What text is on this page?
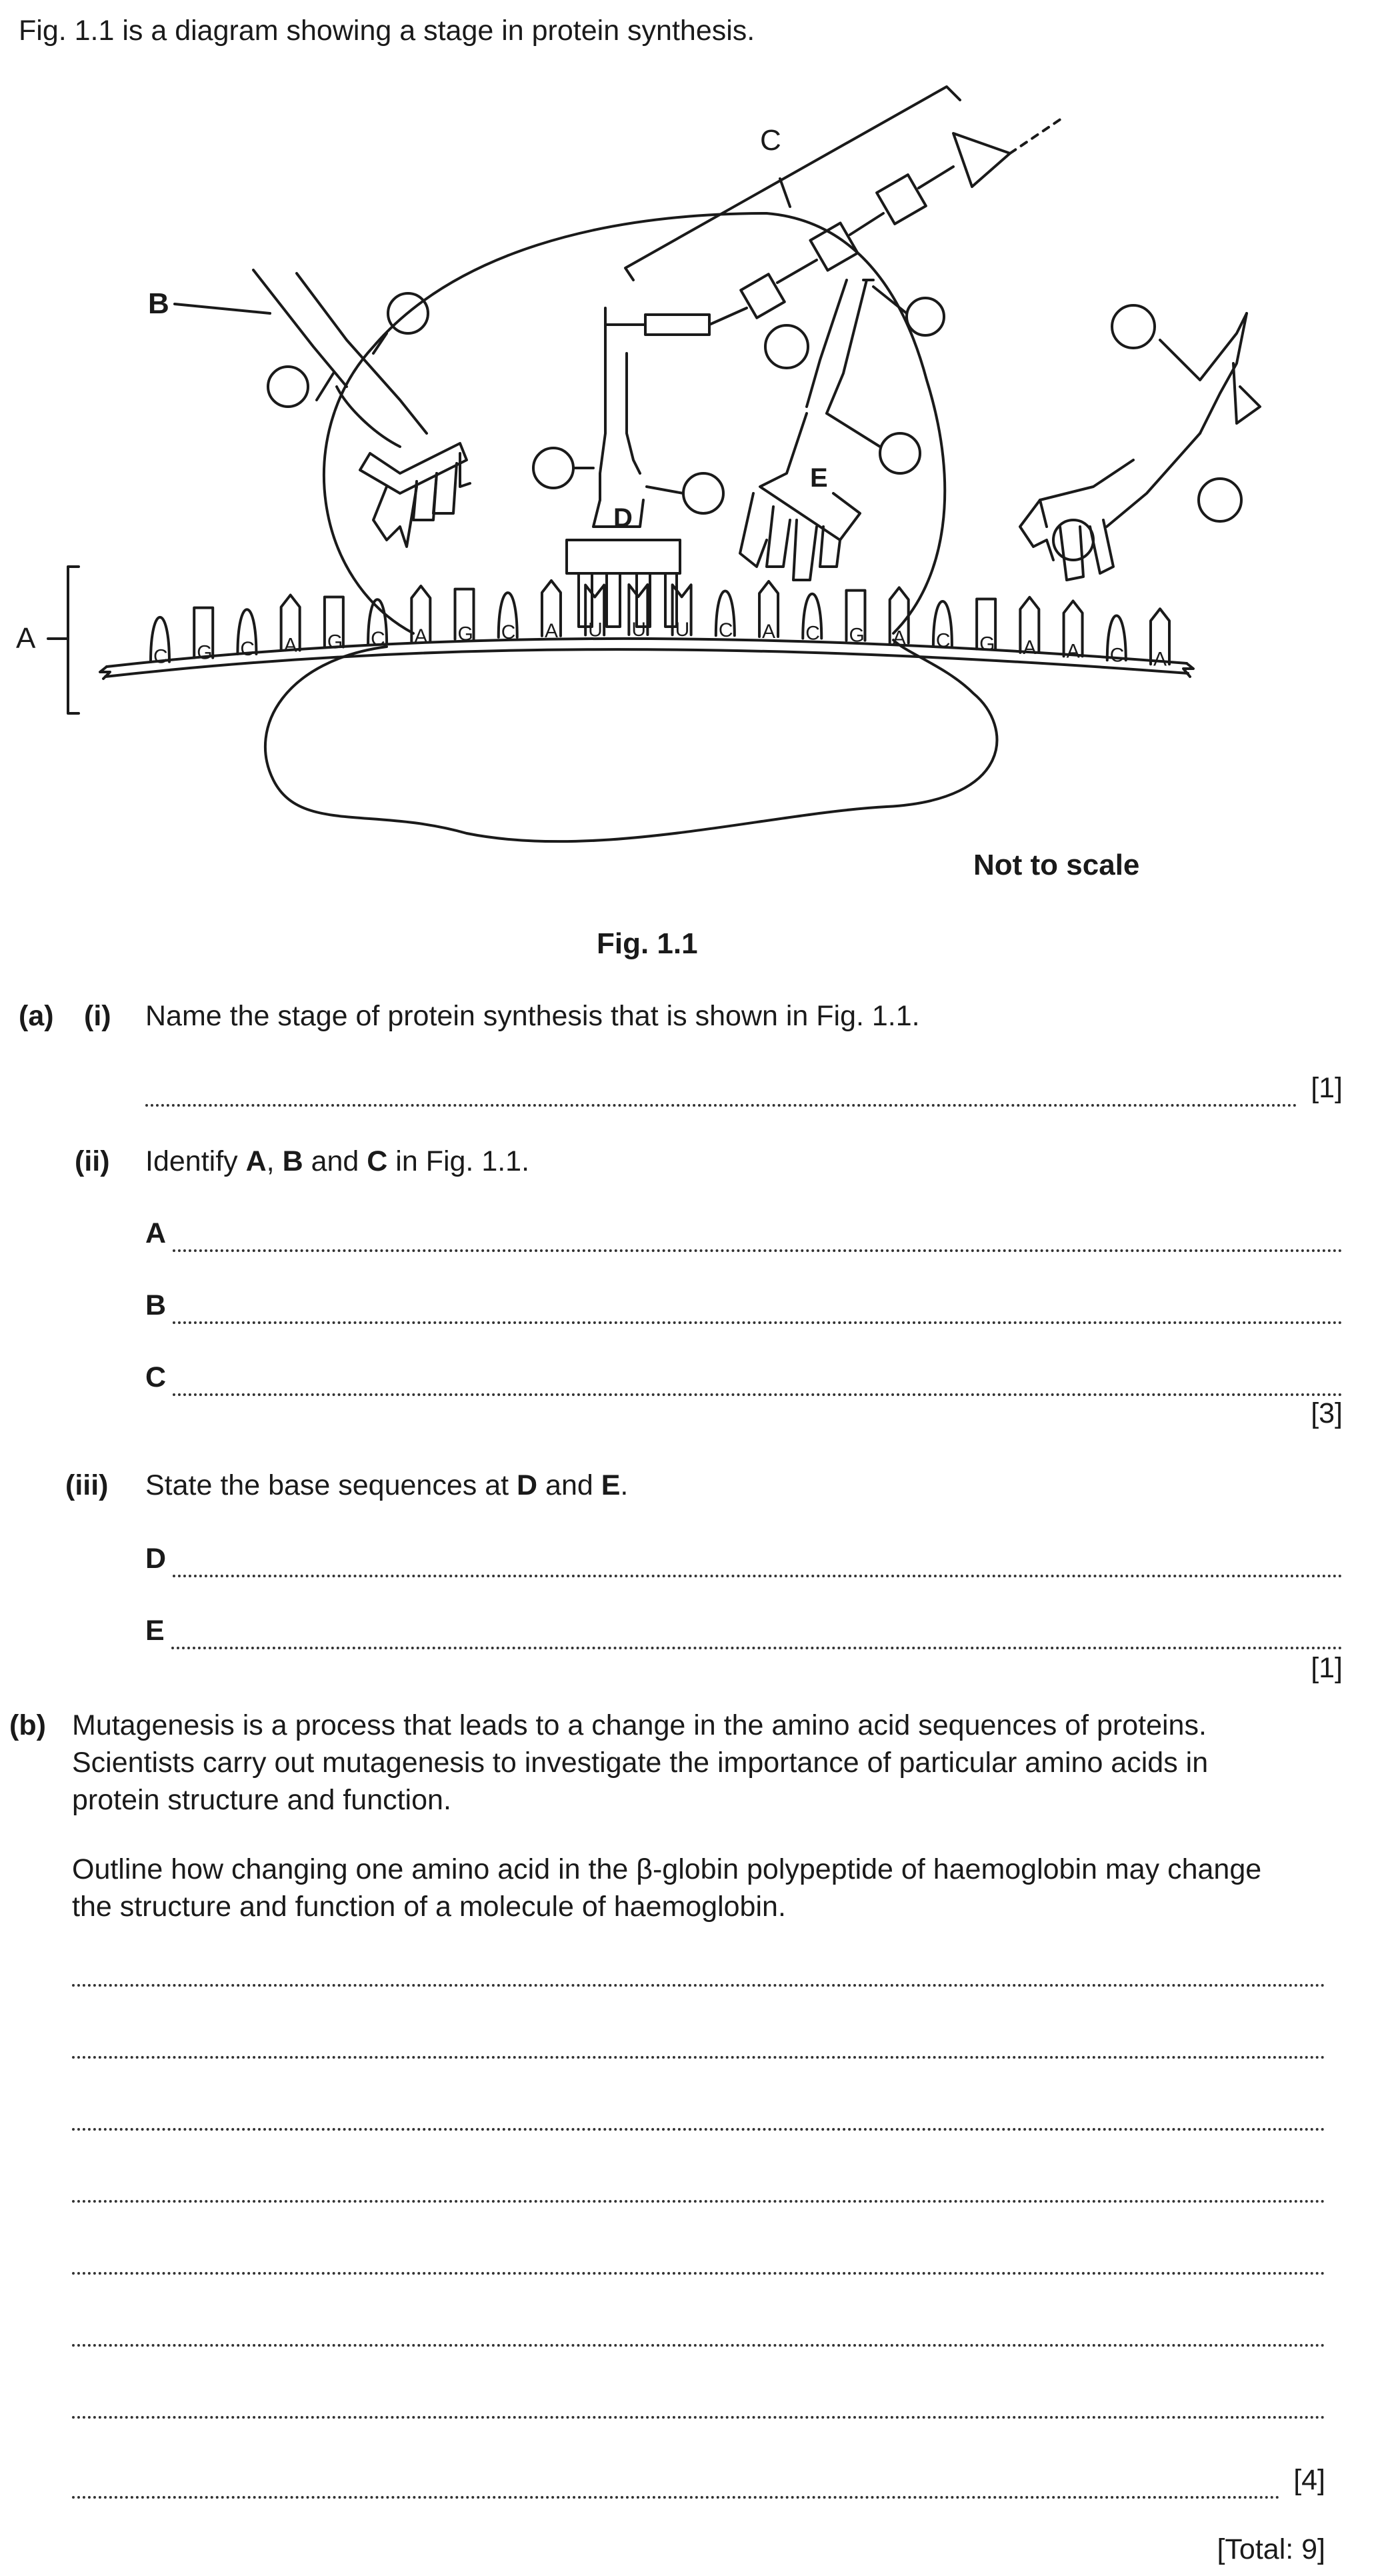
Fig. 1.1 is a diagram showing a stage in protein synthesis.
C G C A G C A G C A U U U C A C G A C G A A C A
A
B
C
D
E
Not to scale
Fig. 1.1
(a) (i) Name the stage of protein synthesis that is shown in Fig. 1.1.
[1]
(ii) Identify A, B and C in Fig. 1.1.
A
B
C
[3]
(iii) State the base sequences at D and E.
D
E
[1]
(b) Mutagenesis is a process that leads to a change in the amino acid sequences of proteins.
Scientists carry out mutagenesis to investigate the importance of particular amino acids in
protein structure and function.
Outline how changing one amino acid in the β-globin polypeptide of haemoglobin may change
the structure and function of a molecule of haemoglobin.
[4]
[Total: 9]
